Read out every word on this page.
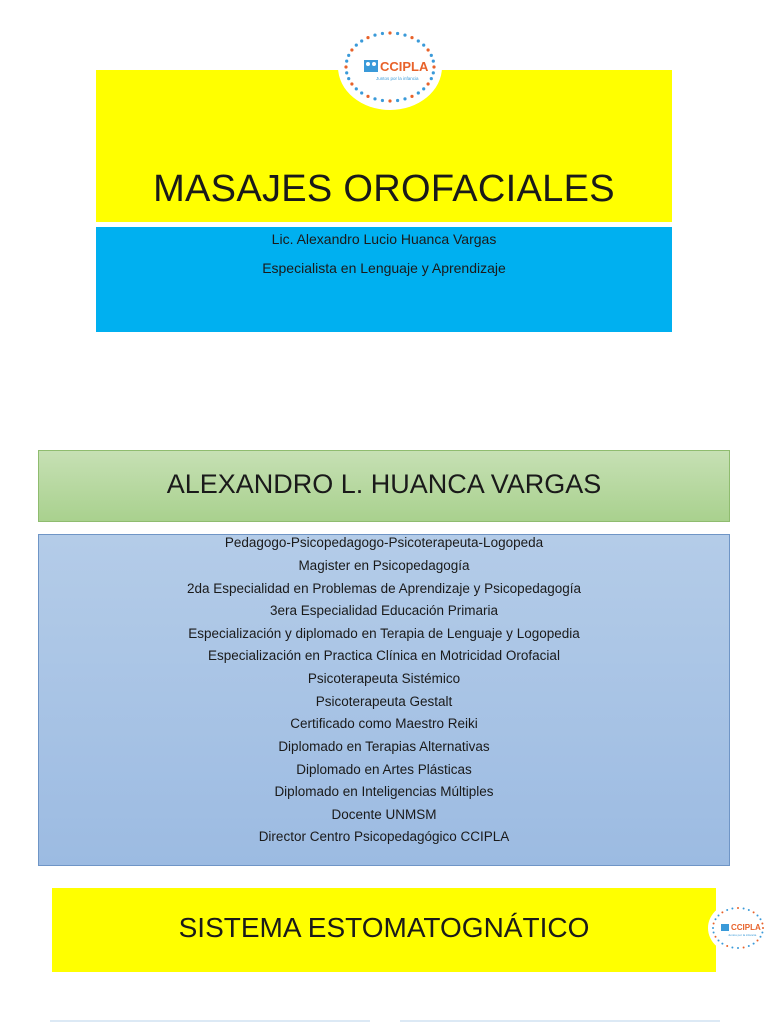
MASAJES OROFACIALES
Lic. Alexandro Lucio Huanca Vargas
Especialista en Lenguaje y Aprendizaje
CCIPLA
Juntos por la infancia
ALEXANDRO L. HUANCA VARGAS
Pedagogo-Psicopedagogo-Psicoterapeuta-Logopeda
Magister en Psicopedagogía
2da Especialidad en Problemas de Aprendizaje y Psicopedagogía
3era Especialidad Educación Primaria
Especialización y diplomado en Terapia de Lenguaje y Logopedia
Especialización en Practica Clínica en Motricidad Orofacial
Psicoterapeuta Sistémico
Psicoterapeuta Gestalt
Certificado como Maestro Reiki
Diplomado en Terapias Alternativas
Diplomado en Artes Plásticas
Diplomado en Inteligencias Múltiples
Docente UNMSM
Director Centro Psicopedagógico CCIPLA
SISTEMA ESTOMATOGNÁTICO	CCIPLA
Juntos por la infancia
